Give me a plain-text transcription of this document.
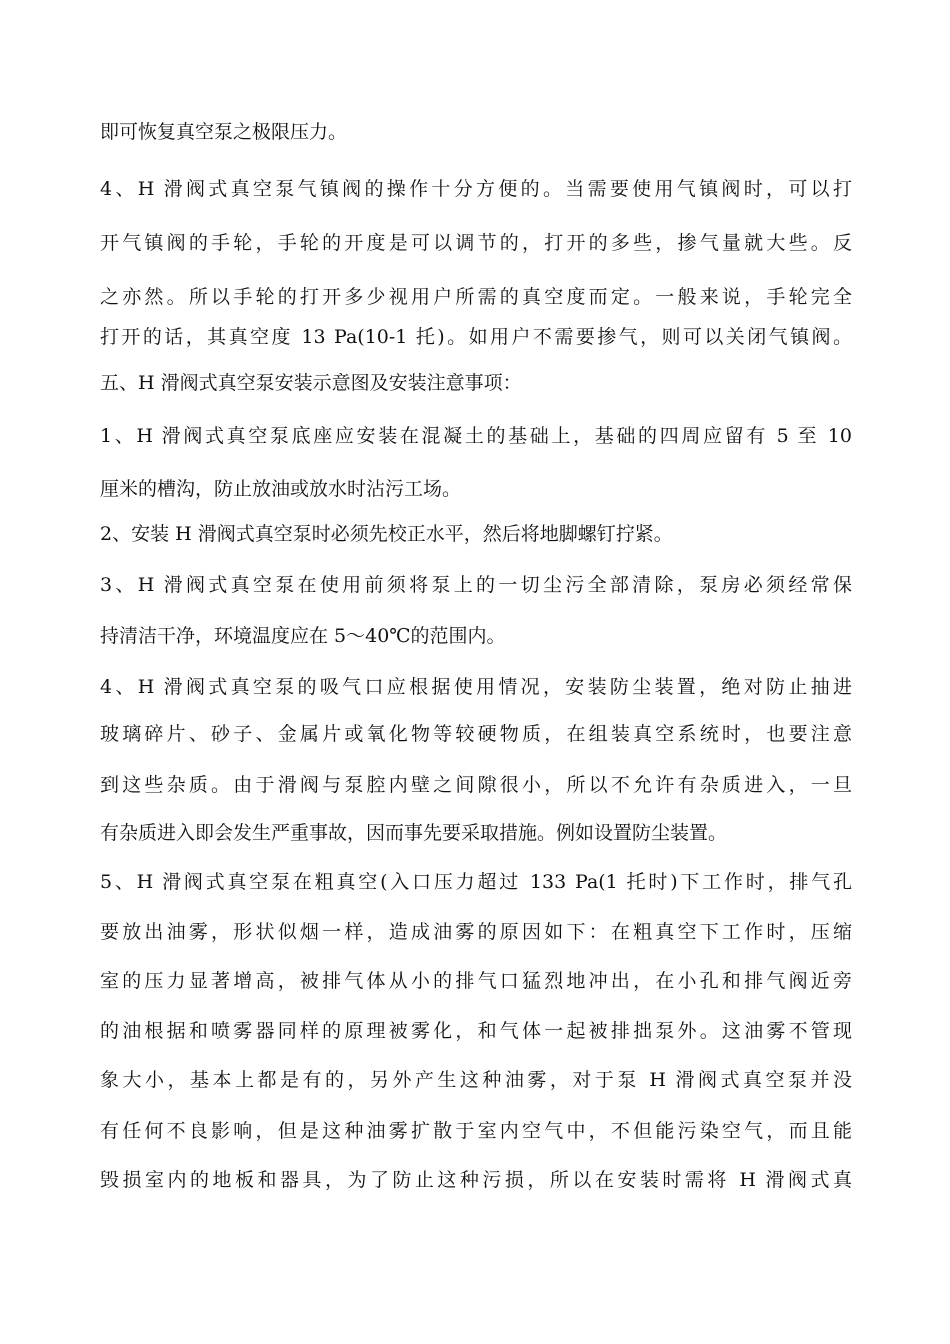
即可恢复真空泵之极限压力。

4、H 滑阀式真空泵气镇阀的操作十分方便的。当需要使用气镇阀时，可以打

开气镇阀的手轮，手轮的开度是可以调节的，打开的多些，掺气量就大些。反

之亦然。所以手轮的打开多少视用户所需的真空度而定。一般来说，手轮完全

打开的话，其真空度 13 Pa(10-1 托)。如用户不需要掺气，则可以关闭气镇阀。

五、H 滑阀式真空泵安装示意图及安装注意事项：

1、H 滑阀式真空泵底座应安装在混凝土的基础上，基础的四周应留有 5 至 10

厘米的槽沟，防止放油或放水时沾污工场。

2、安装 H 滑阀式真空泵时必须先校正水平，然后将地脚螺钉拧紧。

3、H 滑阀式真空泵在使用前须将泵上的一切尘污全部清除，泵房必须经常保

持清洁干净，环境温度应在 5～40℃的范围内。

4、H 滑阀式真空泵的吸气口应根据使用情况，安装防尘装置，绝对防止抽进

玻璃碎片、砂子、金属片或氧化物等较硬物质，在组装真空系统时，也要注意

到这些杂质。由于滑阀与泵腔内壁之间隙很小，所以不允许有杂质进入，一旦

有杂质进入即会发生严重事故，因而事先要采取措施。例如设置防尘装置。

5、H 滑阀式真空泵在粗真空(入口压力超过 133 Pa(1 托时)下工作时，排气孔

要放出油雾，形状似烟一样，造成油雾的原因如下：在粗真空下工作时，压缩

室的压力显著增高，被排气体从小的排气口猛烈地冲出，在小孔和排气阀近旁

的油根据和喷雾器同样的原理被雾化，和气体一起被排拙泵外。这油雾不管现

象大小，基本上都是有的，另外产生这种油雾，对于泵 H 滑阀式真空泵并没

有任何不良影响，但是这种油雾扩散于室内空气中，不但能污染空气，而且能

毁损室内的地板和器具，为了防止这种污损，所以在安装时需将 H 滑阀式真
